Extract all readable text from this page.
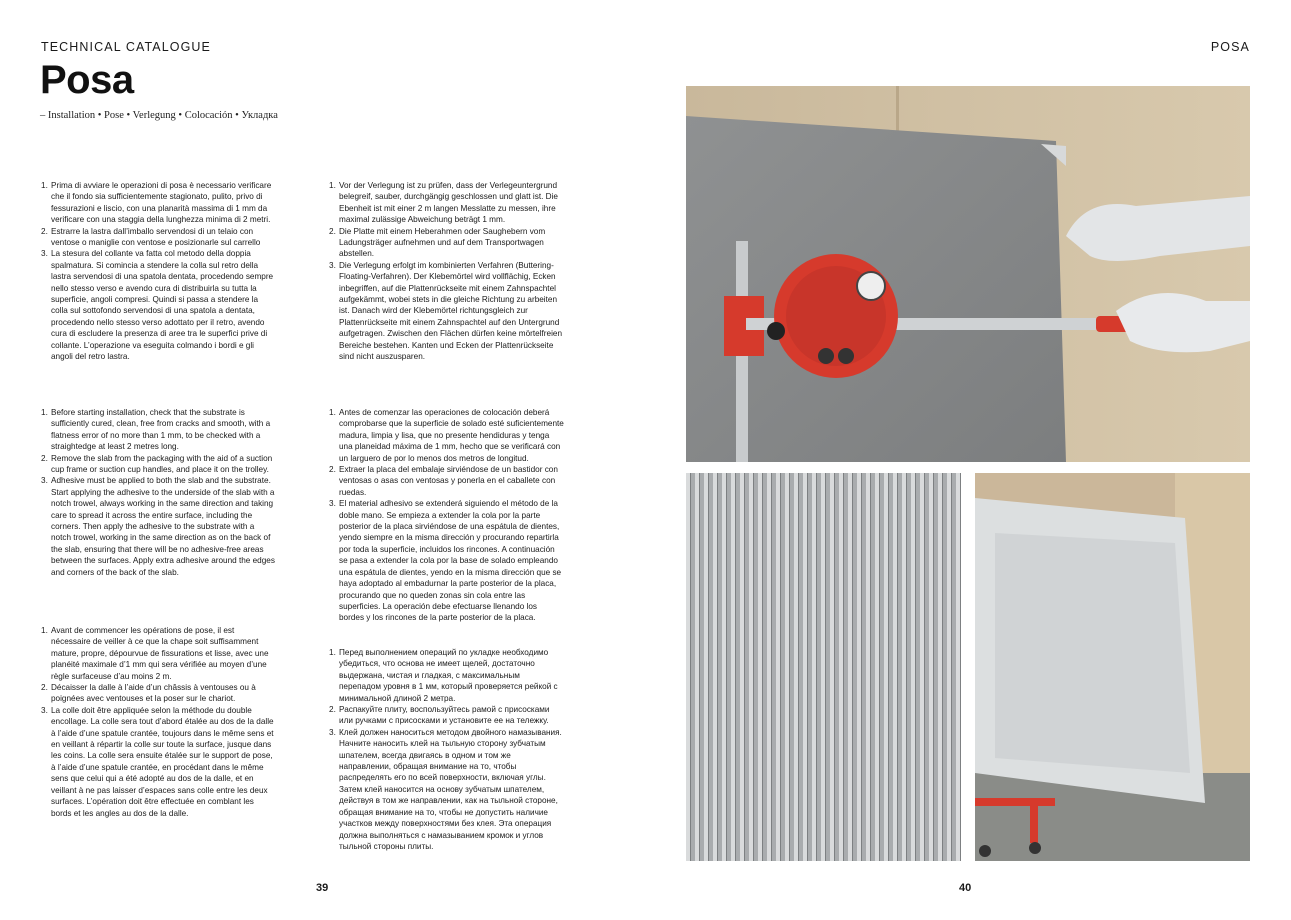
TECHNICAL CATALOGUE	POSA
Posa
– Installation • Pose • Verlegung • Colocación • Укладка
Prima di avviare le operazioni di posa è necessario verificare che il fondo sia sufficientemente stagionato, pulito, privo di fessurazioni e liscio, con una planarità massima di 1 mm da verificare con una staggia della lunghezza minima di 2 metri.
Estrarre la lastra dall’imballo servendosi di un telaio con ventose o maniglie con ventose e posizionarle sul carrello
La stesura del collante va fatta col metodo della doppia spalmatura. Si comincia a stendere la colla sul retro della lastra servendosi di una spatola dentata, procedendo sempre nello stesso verso e avendo cura di distribuirla su tutta la superficie, angoli compresi. Quindi si passa a stendere la colla sul sottofondo servendosi di una spatola a dentata, procedendo nello stesso verso adottato per il retro, avendo cura di escludere la presenza di aree tra le superfici prive di collante. L’operazione va eseguita colmando i bordi e gli angoli del retro lastra.
Before starting installation, check that the substrate is sufficiently cured, clean, free from cracks and smooth, with a flatness error of no more than 1 mm, to be checked with a straightedge at least 2 metres long.
Remove the slab from the packaging with the aid of a suction cup frame or suction cup handles, and place it on the trolley.
Adhesive must be applied to both the slab and the substrate. Start applying the adhesive to the underside of the slab with a notch trowel, always working in the same direction and taking care to spread it across the entire surface, including the corners. Then apply the adhesive to the substrate with a notch trowel, working in the same direction as on the back of the slab, ensuring that there will be no adhesive-free areas between the surfaces. Apply extra adhesive around the edges and corners of the back of the slab.
Avant de commencer les opérations de pose, il est nécessaire de veiller à ce que la chape soit suffisamment mature, propre, dépourvue de fissurations et lisse, avec une planéité maximale d’1 mm qui sera vérifiée au moyen d’une règle surfaceuse d’au moins 2 m.
Décaisser la dalle à l’aide d’un châssis à ventouses ou à poignées avec ventouses et la poser sur le chariot.
La colle doit être appliquée selon la méthode du double encollage. La colle sera tout d’abord étalée au dos de la dalle à l’aide d’une spatule crantée, toujours dans le même sens et en veillant à répartir la colle sur toute la surface, jusque dans les coins. La colle sera ensuite étalée sur le support de pose, à l’aide d’une spatule crantée, en procédant dans le même sens que celui qui a été adopté au dos de la dalle, et en veillant à ne pas laisser d’espaces sans colle entre les deux surfaces. L’opération doit être effectuée en comblant les bords et les angles au dos de la dalle.
Vor der Verlegung ist zu prüfen, dass der Verlegeuntergrund belegreif, sauber, durchgängig geschlossen und glatt ist. Die Ebenheit ist mit einer 2 m langen Messlatte zu messen, ihre maximal zulässige Abweichung beträgt 1 mm.
Die Platte mit einem Heberahmen oder Saughebern vom Ladungsträger aufnehmen und auf dem Transportwagen abstellen.
Die Verlegung erfolgt im kombinierten Verfahren (Buttering-Floating-Verfahren). Der Klebemörtel wird vollflächig, Ecken inbegriffen, auf die Plattenrückseite mit einem Zahnspachtel aufgekämmt, wobei stets in die gleiche Richtung zu arbeiten ist. Danach wird der Klebemörtel richtungsgleich zur Plattenrückseite mit einem Zahnspachtel auf den Untergrund aufgetragen. Zwischen den Flächen dürfen keine mörtelfreien Bereiche bestehen. Kanten und Ecken der Plattenrückseite sind nicht auszusparen.
Antes de comenzar las operaciones de colocación deberá comprobarse que la superficie de solado esté suficientemente madura, limpia y lisa, que no presente hendiduras y tenga una planeidad máxima de 1 mm, hecho que se verificará con un larguero de por lo menos dos metros de longitud.
Extraer la placa del embalaje sirviéndose de un bastidor con ventosas o asas con ventosas y ponerla en el caballete con ruedas.
El material adhesivo se extenderá siguiendo el método de la doble mano. Se empieza a extender la cola por la parte posterior de la placa sirviéndose de una espátula de dientes, yendo siempre en la misma dirección y procurando repartirla por toda la superficie, incluidos los rincones. A continuación se pasa a extender la cola por la base de solado empleando una espátula de dientes, yendo en la misma dirección que se haya adoptado al embadurnar la parte posterior de la placa, procurando que no queden zonas sin cola entre las superficies. La operación debe efectuarse llenando los bordes y los rincones de la parte posterior de la placa.
Перед выполнением операций по укладке необходимо убедиться, что основа не имеет щелей, достаточно выдержана, чистая и гладкая, с максимальным перепадом уровня в 1 мм, который проверяется рейкой с минимальной длиной 2 метра.
Распакуйте плиту, воспользуйтесь рамой с присосками или ручками с присосками и установите ее на тележку.
Клей должен наноситься методом двойного намазывания. Начните наносить клей на тыльную сторону зубчатым шпателем, всегда двигаясь в одном и том же направлении, обращая внимание на то, чтобы распределять его по всей поверхности, включая углы. Затем клей наносится на основу зубчатым шпателем, действуя в том же направлении, как на тыльной стороне, обращая внимание на то, чтобы не допустить наличие участков между поверхностями без клея. Эта операция должна выполняться с намазыванием кромок и углов тыльной стороны плиты.
39	40
